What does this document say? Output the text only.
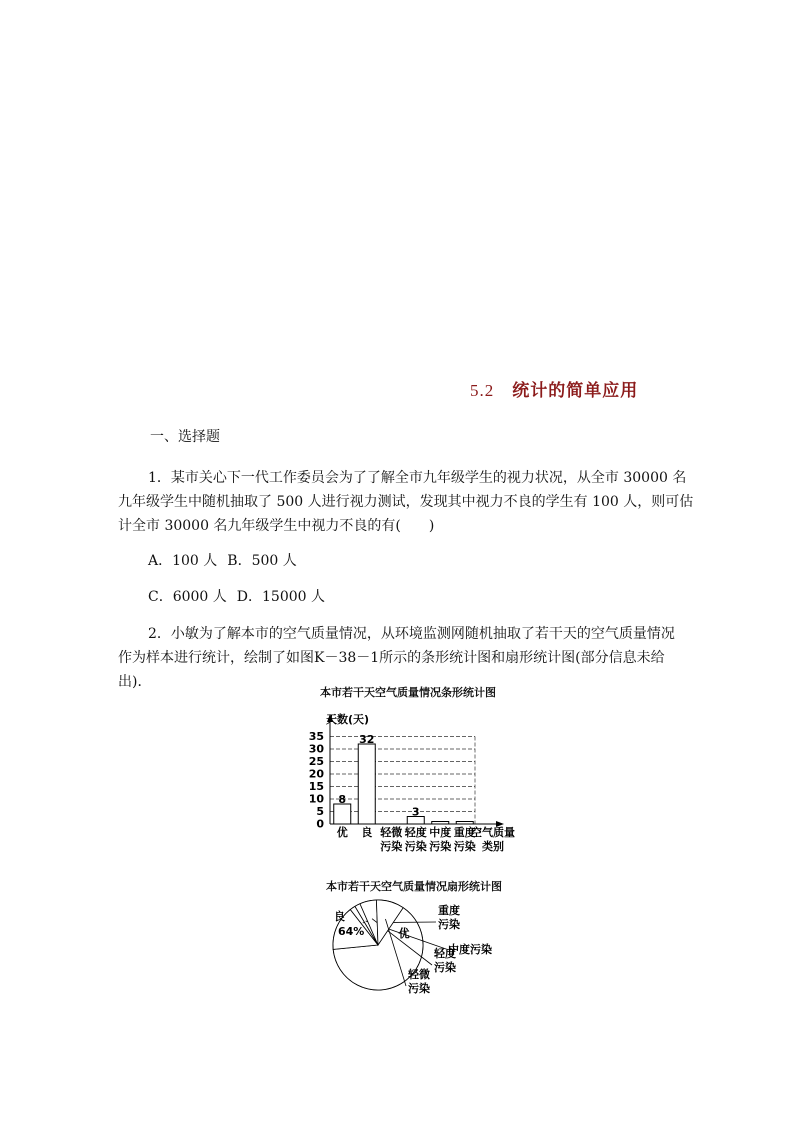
5.2 统计的简单应用
一、选择题
1．某市关心下一代工作委员会为了了解全市九年级学生的视力状况，从全市 30000 名
九年级学生中随机抽取了 500 人进行视力测试，发现其中视力不良的学生有 100 人，则可估
计全市 30000 名九年级学生中视力不良的有(　　)
A．100 人 B．500 人
C．6000 人 D．15000 人
2．小敏为了解本市的空气质量情况，从环境监测网随机抽取了若干天的空气质量情况
作为样本进行统计，绘制了如图K－38－1所示的条形统计图和扇形统计图(部分信息未给出)．
本市若干天空气质量情况条形统计图
0
5
10
15
20
25
30
35
天数(天)
8
优
32
良 轻微
污染
3
轻度
污染
中度
污染
重度
污染
空气质量
类别
本市若干天空气质量情况扇形统计图
良
64%	优
重度
污染
中度污染
轻度
污染
轻微
污染
